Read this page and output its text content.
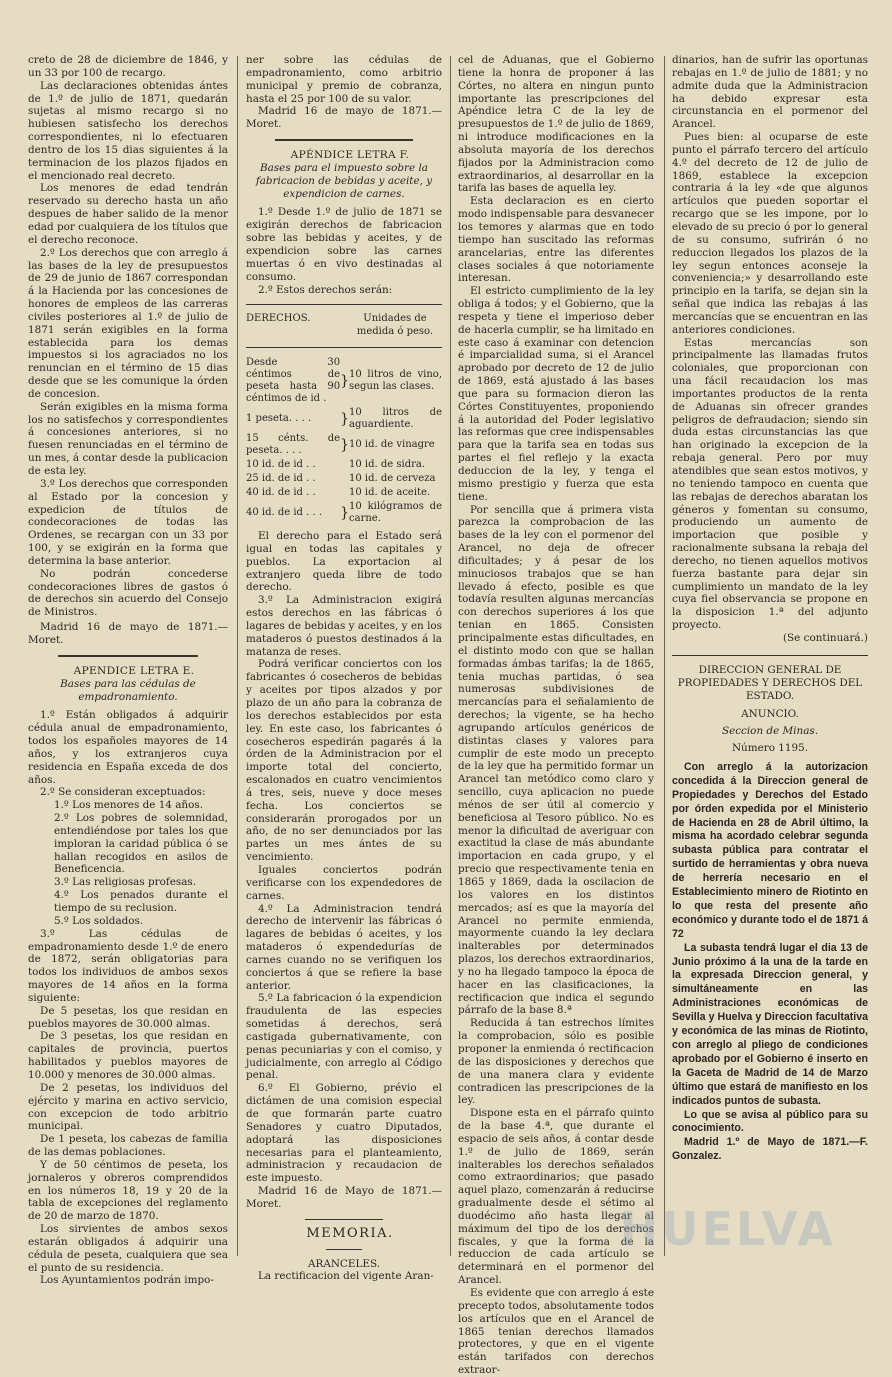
creto de 28 de diciembre de 1846, y un 33 por 100 de recargo.

Las declaraciones obtenidas ántes de 1.º de julio de 1871, quedarán sujetas al mismo recargo si no hubiesen satisfecho los derechos correspondientes, ni lo efectuaren dentro de los 15 dias siguientes á la terminacion de los plazos fijados en el mencionado real decreto.

Los menores de edad tendrán reservado su derecho hasta un año despues de haber salido de la menor edad por cualquiera de los títulos que el derecho reconoce.

2.º Los derechos que con arreglo á las bases de la ley de presupuestos de 29 de junio de 1867 correspondan á la Hacienda por las concesiones de honores de empleos de las carreras civiles posteriores al 1.º de julio de 1871 serán exigibles en la forma establecida para los demas impuestos si los agraciados no los renuncian en el término de 15 dias desde que se les comunique la órden de concesion.

Serán exigibles en la misma forma los no satisfechos y correspondientes á concesiones anteriores, si no fuesen renunciadas en el término de un mes, á contar desde la publicacion de esta ley.

3.º Los derechos que corresponden al Estado por la concesion y expedicion de títulos de condecoraciones de todas las Ordenes, se recargan con un 33 por 100, y se exigirán en la forma que determina la base anterior.

No podrán concederse condecoraciones libres de gastos ó de derechos sin acuerdo del Consejo de Ministros.

Madrid 16 de mayo de 1871.—Moret.

APENDICE LETRA E.

Bases para las cédulas de empadronamiento.

1.º Están obligados á adquirir cédula anual de empadronamiento, todos los españoles mayores de 14 años, y los extranjeros cuya residencia en España exceda de dos años.

2.º Se consideran exceptuados:

1.º Los menores de 14 años.

2.º Los pobres de solemnidad, entendiéndose por tales los que imploran la caridad pública ó se hallan recogidos en asilos de Beneficencia.

3.º Las religiosas profesas.

4.º Los penados durante el tiempo de su reclusion.

5.º Los soldados.

3.º Las cédulas de empadronamiento desde 1.º de enero de 1872, serán obligatorias para todos los individuos de ambos sexos mayores de 14 años en la forma siguiente:

De 5 pesetas, los que residan en pueblos mayores de 30.000 almas.

De 3 pesetas, los que residan en capitales de provincia, puertos habilitados y pueblos mayores de 10.000 y menores de 30.000 almas.

De 2 pesetas, los individuos del ejército y marina en activo servicio, con excepcion de todo arbitrio municipal.

De 1 peseta, los cabezas de familia de las demas poblaciones.

Y de 50 céntimos de peseta, los jornaleros y obreros comprendidos en los números 18, 19 y 20 de la tabla de excepciones del reglamento de 20 de marzo de 1870.

Los sirvientes de ambos sexos estarán obligados á adquirir una cédula de peseta, cualquiera que sea el punto de su residencia.

Los Ayuntamientos podrán impo-

ner sobre las cédulas de empadronamiento, como arbitrio municipal y premio de cobranza, hasta el 25 por 100 de su valor.

Madrid 16 de mayo de 1871.—Moret.

APÉNDICE LETRA F.

Bases para el impuesto sobre la fabricacion de bebidas y aceite, y expendicion de carnes.

1.º Desde 1.º de julio de 1871 se exigirán derechos de fabricacion sobre las bebidas y aceites, y de expendicion sobre las carnes muertas ó en vivo destinadas al consumo.

2.º Estos derechos serán:

DERECHOS.	Unidades de medida ó peso.
Desde 30 céntimos de peseta hasta 90 céntimos de id .	}	10 litros de vino, segun las clases.
1 peseta. . . .	}	10 litros de aguardiente.
15 cénts. de peseta. . . .	}	10 id. de vinagre
10 id. de id . .		10 id. de sidra.
25 id. de id . .		10 id. de cerveza
40 id. de id . .		10 id. de aceite.
40 id. de id . . .	}	10 kilógramos de carne.

El derecho para el Estado será igual en todas las capitales y pueblos. La exportacion al extranjero queda libre de todo derecho.

3.º La Administracion exigirá estos derechos en las fábricas ó lagares de bebidas y aceites, y en los mataderos ó puestos destinados á la matanza de reses.

Podrá verificar conciertos con los fabricantes ó cosecheros de bebidas y aceites por tipos alzados y por plazo de un año para la cobranza de los derechos establecidos por esta ley. En este caso, los fabricantes ó cosecheros espedirán pagarés á la órden de la Administracion por el importe total del concierto, escalonados en cuatro vencimientos á tres, seis, nueve y doce meses fecha. Los conciertos se considerarán prorogados por un año, de no ser denunciados por las partes un mes ántes de su vencimiento.

Iguales conciertos podrán verificarse con los expendedores de carnes.

4.º La Administracion tendrá derecho de intervenir las fábricas ó lagares de bebidas ó aceites, y los mataderos ó expendedurías de carnes cuando no se verifiquen los conciertos á que se refiere la base anterior.

5.º La fabricacion ó la expendicion fraudulenta de las especies sometidas á derechos, será castigada gubernativamente, con penas pecuniarias y con el comiso, y judicialmente, con arreglo al Código penal.

6.º El Gobierno, prévio el dictámen de una comision especial de que formarán parte cuatro Senadores y cuatro Diputados, adoptará las disposiciones necesarias para el planteamiento, administracion y recaudacion de este impuesto.

Madrid 16 de Mayo de 1871.—Moret.

MEMORIA.

ARANCELES.

La rectificacion del vigente Aran-

cel de Aduanas, que el Gobierno tiene la honra de proponer á las Córtes, no altera en ningun punto importante las prescripciones del Apéndice letra C de la ley de presupuestos de 1.º de julio de 1869, ni introduce modificaciones en la absoluta mayoría de los derechos fijados por la Administracion como extraordinarios, al desarrollar en la tarifa las bases de aquella ley.

Esta declaracion es en cierto modo indispensable para desvanecer los temores y alarmas que en todo tiempo han suscitado las reformas arancelarias, entre las diferentes clases sociales á que notoriamente interesan.

El estricto cumplimiento de la ley obliga á todos; y el Gobierno, que la respeta y tiene el imperioso deber de hacerla cumplir, se ha limitado en este caso á examinar con detencion é imparcialidad suma, si el Arancel aprobado por decreto de 12 de julio de 1869, está ajustado á las bases que para su formacion dieron las Córtes Constituyentes, proponiendo á la autoridad del Poder legislativo las reformas que cree indispensables para que la tarifa sea en todas sus partes el fiel reflejo y la exacta deduccion de la ley, y tenga el mismo prestigio y fuerza que esta tiene.

Por sencilla que á primera vista parezca la comprobacion de las bases de la ley con el pormenor del Arancel, no deja de ofrecer dificultades; y á pesar de los minuciosos trabajos que se han llevado á efecto, posible es que todavía resulten algunas mercancías con derechos superiores á los que tenian en 1865. Consisten principalmente estas dificultades, en el distinto modo con que se hallan formadas ámbas tarifas; la de 1865, tenia muchas partidas, ó sea numerosas subdivisiones de mercancías para el señalamiento de derechos; la vigente, se ha hecho agrupando artículos genéricos de distintas clases y valores para cumplir de este modo un precepto de la ley que ha permitido formar un Arancel tan metódico como claro y sencillo, cuya aplicacion no puede ménos de ser útil al comercio y beneficiosa al Tesoro público. No es menor la dificultad de averiguar con exactitud la clase de más abundante importacion en cada grupo, y el precio que respectivamente tenia en 1865 y 1869, dada la oscilacion de los valores en los distintos mercados; así es que la mayoría del Arancel no permite enmienda, mayormente cuando la ley declara inalterables por determinados plazos, los derechos extraordinarios, y no ha llegado tampoco la época de hacer en las clasificaciones, la rectificacion que indica el segundo párrafo de la base 8.ª

Reducida á tan estrechos límites la comprobacion, sólo es posible proponer la enmienda ó rectificacion de las disposiciones y derechos que de una manera clara y evidente contradicen las prescripciones de la ley.

Dispone esta en el párrafo quinto de la base 4.ª, que durante el espacio de seis años, á contar desde 1.º de julio de 1869, serán inalterables los derechos señalados como extraordinarios; que pasado aquel plazo, comenzarán á reducirse gradualmente desde el sétimo al duodécimo año hasta llegar al máximum del tipo de los derechos fiscales, y que la forma de la reduccion de cada artículo se determinará en el pormenor del Arancel.

Es evidente que con arreglo á este precepto todos, absolutamente todos los artículos que en el Arancel de 1865 tenian derechos llamados protectores, y que en el vigente están tarifados con derechos extraor-

dinarios, han de sufrir las oportunas rebajas en 1.º de julio de 1881; y no admite duda que la Administracion ha debido expresar esta circunstancia en el pormenor del Arancel.

Pues bien: al ocuparse de este punto el párrafo tercero del artículo 4.º del decreto de 12 de julio de 1869, establece la excepcion contraria á la ley «de que algunos artículos que pueden soportar el recargo que se les impone, por lo elevado de su precio ó por lo general de su consumo, sufrirán ó no reduccion llegados los plazos de la ley segun entonces aconseje la conveniencia;» y desarrollando este principio en la tarifa, se dejan sin la señal que indica las rebajas á las mercancías que se encuentran en las anteriores condiciones.

Estas mercancías son principalmente las llamadas frutos coloniales, que proporcionan con una fácil recaudacion los mas importantes productos de la renta de Aduanas sin ofrecer grandes peligros de defraudacion; siendo sin duda estas circunstancias las que han originado la excepcion de la rebaja general. Pero por muy atendibles que sean estos motivos, y no teniendo tampoco en cuenta que las rebajas de derechos abaratan los géneros y fomentan su consumo, produciendo un aumento de importacion que posible y racionalmente subsana la rebaja del derecho, no tienen aquellos motivos fuerza bastante para dejar sin cumplimiento un mandato de la ley cuya fiel observancia se propone en la disposicion 1.ª del adjunto proyecto.

(Se continuará.)

DIRECCION GENERAL DE PROPIEDADES Y DERECHOS DEL ESTADO.

ANUNCIO.

Seccion de Minas.

Número 1195.

Con arreglo á la autorizacion concedida á la Direccion general de Propiedades y Derechos del Estado por órden expedida por el Ministerio de Hacienda en 28 de Abril último, la misma ha acordado celebrar segunda subasta pública para contratar el surtido de herramientas y obra nueva de herrería necesario en el Establecimiento minero de Riotinto en lo que resta del presente año económico y durante todo el de 1871 á 72

La subasta tendrá lugar el dia 13 de Junio próximo á la una de la tarde en la expresada Direccion general, y simultáneamente en las Administraciones económicas de Sevilla y Huelva y Direccion facultativa y económica de las minas de Riotinto, con arreglo al pliego de condiciones aprobado por el Gobierno é inserto en la Gaceta de Madrid de 14 de Marzo último que estará de manifiesto en los indicados puntos de subasta.

Lo que se avisa al público para su conocimiento.

Madrid 1.º de Mayo de 1871.—F. Gonzalez.

HUELVA
